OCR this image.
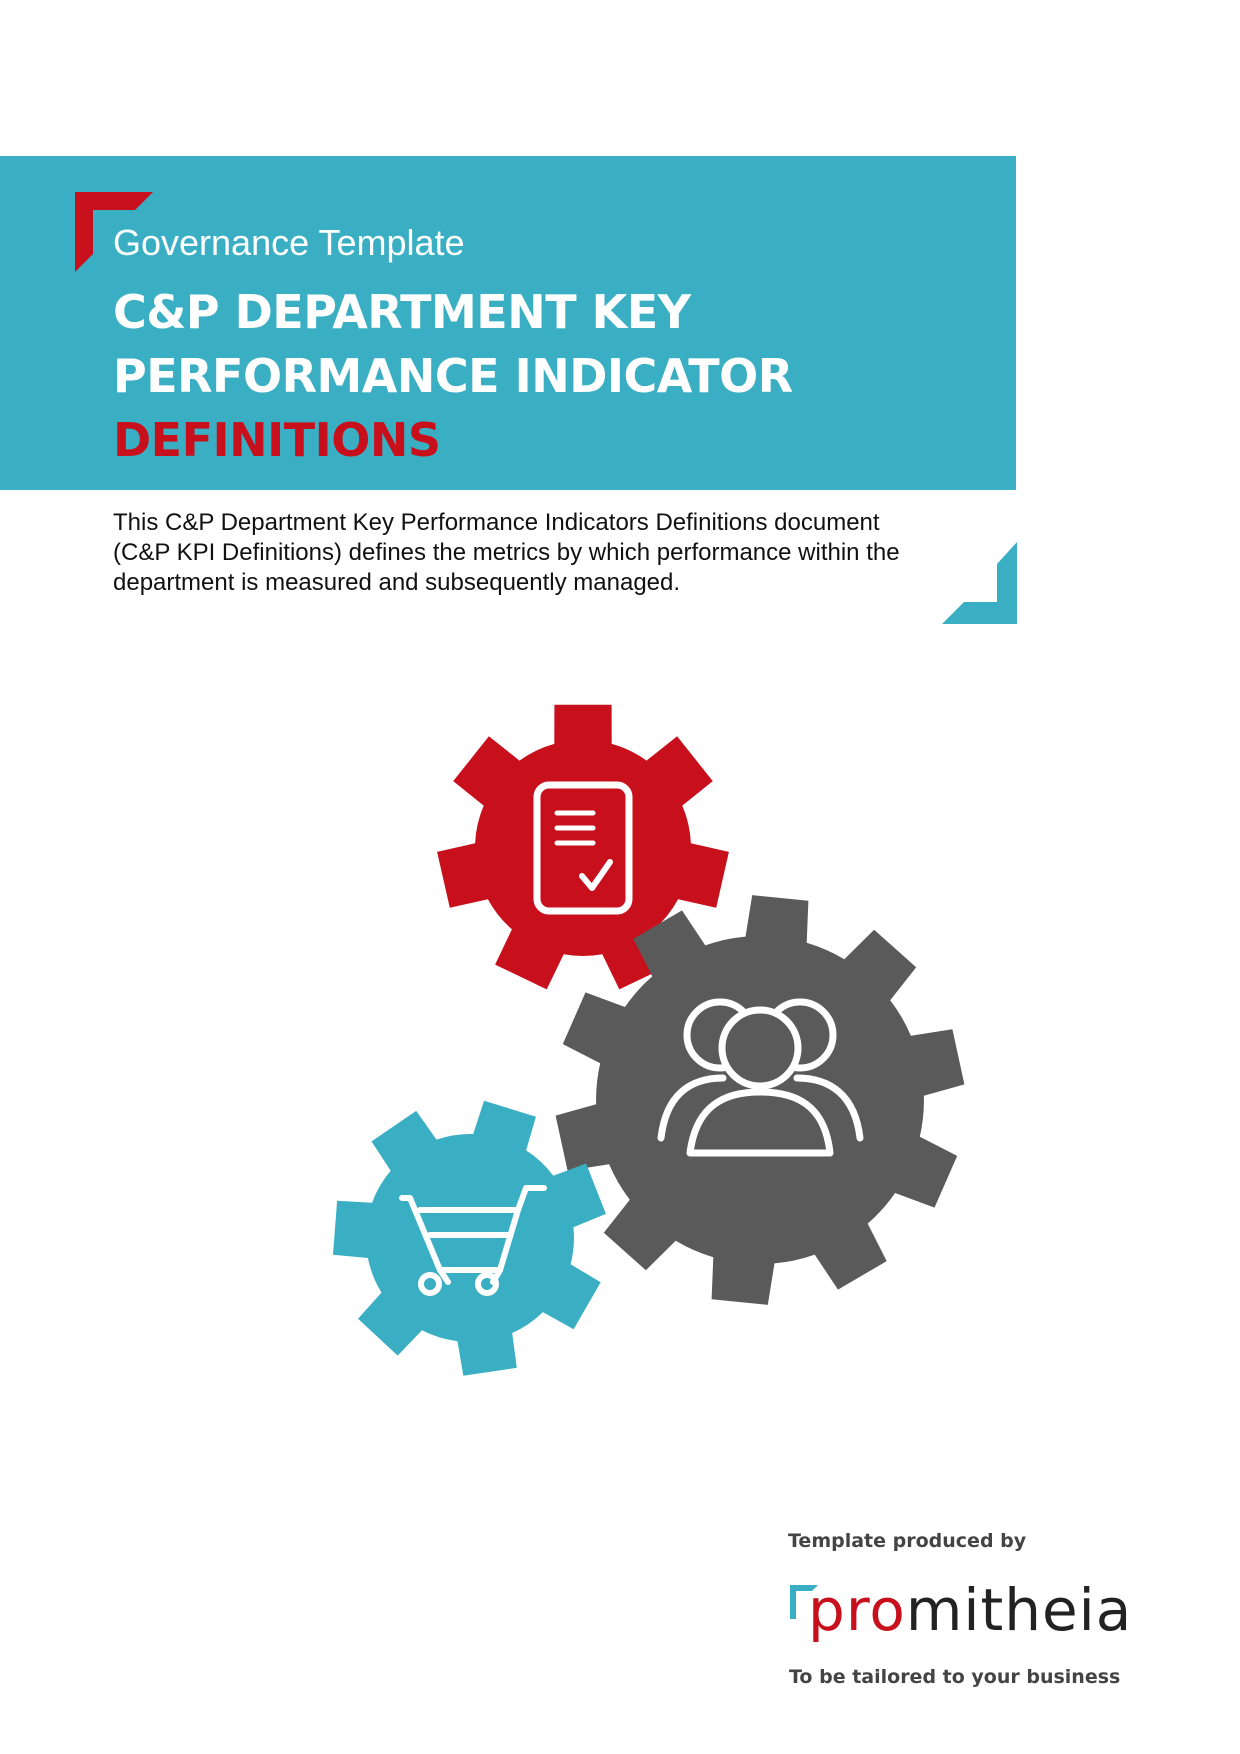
Governance Template
C&P DEPARTMENT KEY
PERFORMANCE INDICATOR
DEFINITIONS
This C&P Department Key Performance Indicators Definitions document (C&P KPI Definitions) defines the metrics by which performance within the department is measured and subsequently managed.
Template produced by
promitheia
To be tailored to your business
